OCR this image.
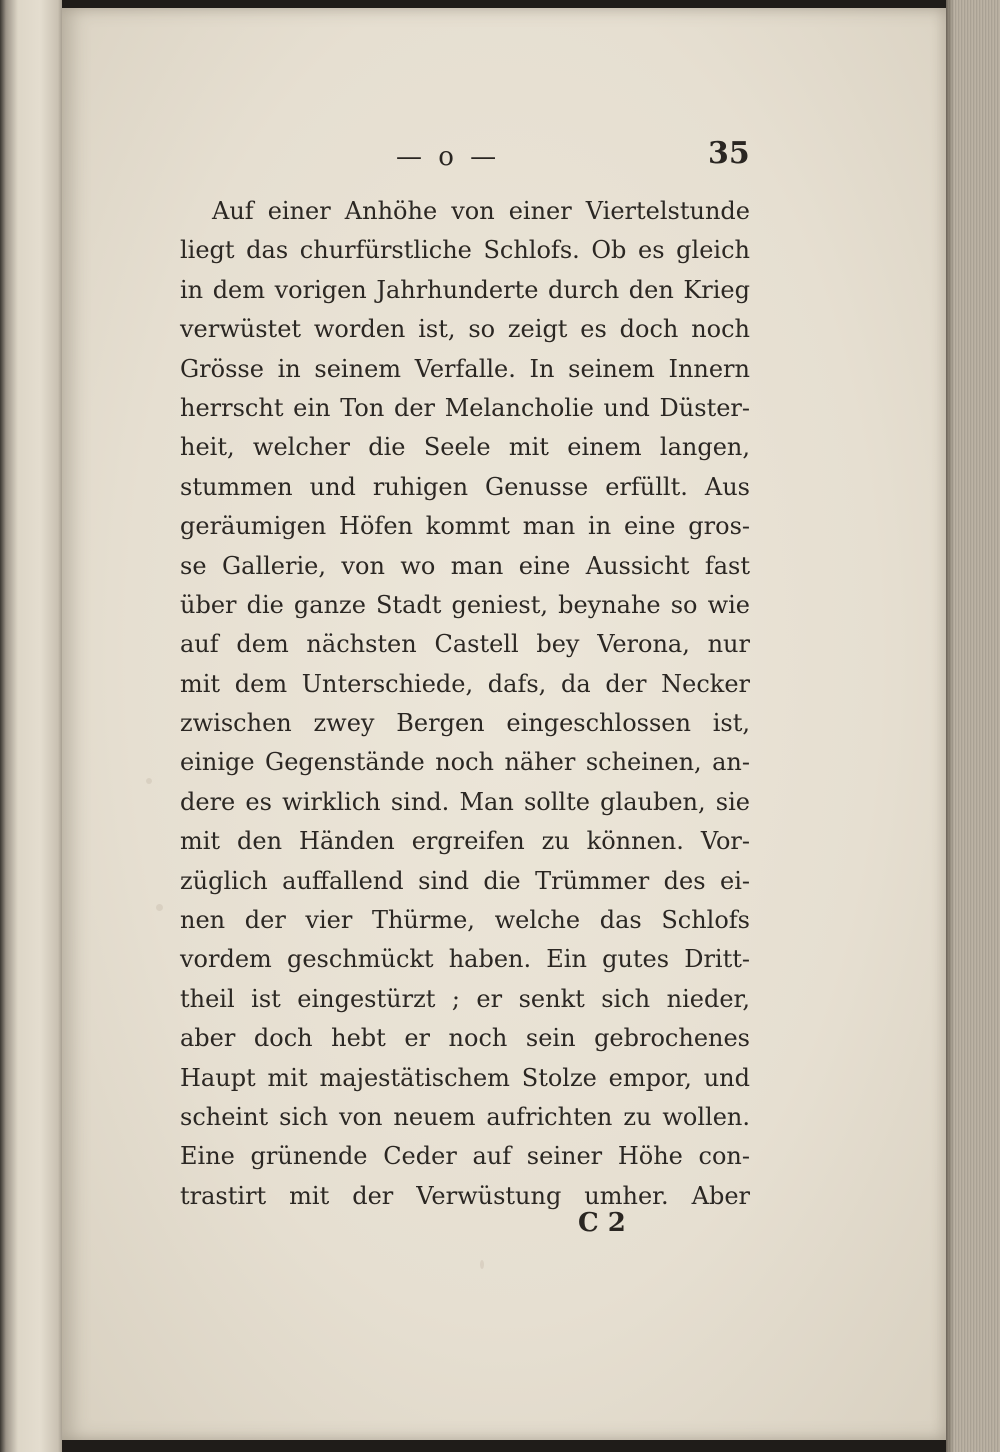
— o —	35
Auf einer Anhöhe von einer Viertelstunde
liegt das churfürstliche Schlofs. Ob es gleich
in dem vorigen Jahrhunderte durch den Krieg
verwüstet worden ist, so zeigt es doch noch
Grösse in seinem Verfalle. In seinem Innern
herrscht ein Ton der Melancholie und Düster-
heit, welcher die Seele mit einem langen,
stummen und ruhigen Genusse erfüllt. Aus
geräumigen Höfen kommt man in eine gros-
se Gallerie, von wo man eine Aussicht fast
über die ganze Stadt geniest, beynahe so wie
auf dem nächsten Castell bey Verona, nur
mit dem Unterschiede, dafs, da der Necker
zwischen zwey Bergen eingeschlossen ist,
einige Gegenstände noch näher scheinen, an-
dere es wirklich sind. Man sollte glauben, sie
mit den Händen ergreifen zu können. Vor-
züglich auffallend sind die Trümmer des ei-
nen der vier Thürme, welche das Schlofs
vordem geschmückt haben. Ein gutes Dritt-
theil ist eingestürzt ; er senkt sich nieder,
aber doch hebt er noch sein gebrochenes
Haupt mit majestätischem Stolze empor, und
scheint sich von neuem aufrichten zu wollen.
Eine grünende Ceder auf seiner Höhe con-
trastirt mit der Verwüstung umher. Aber
C 2
